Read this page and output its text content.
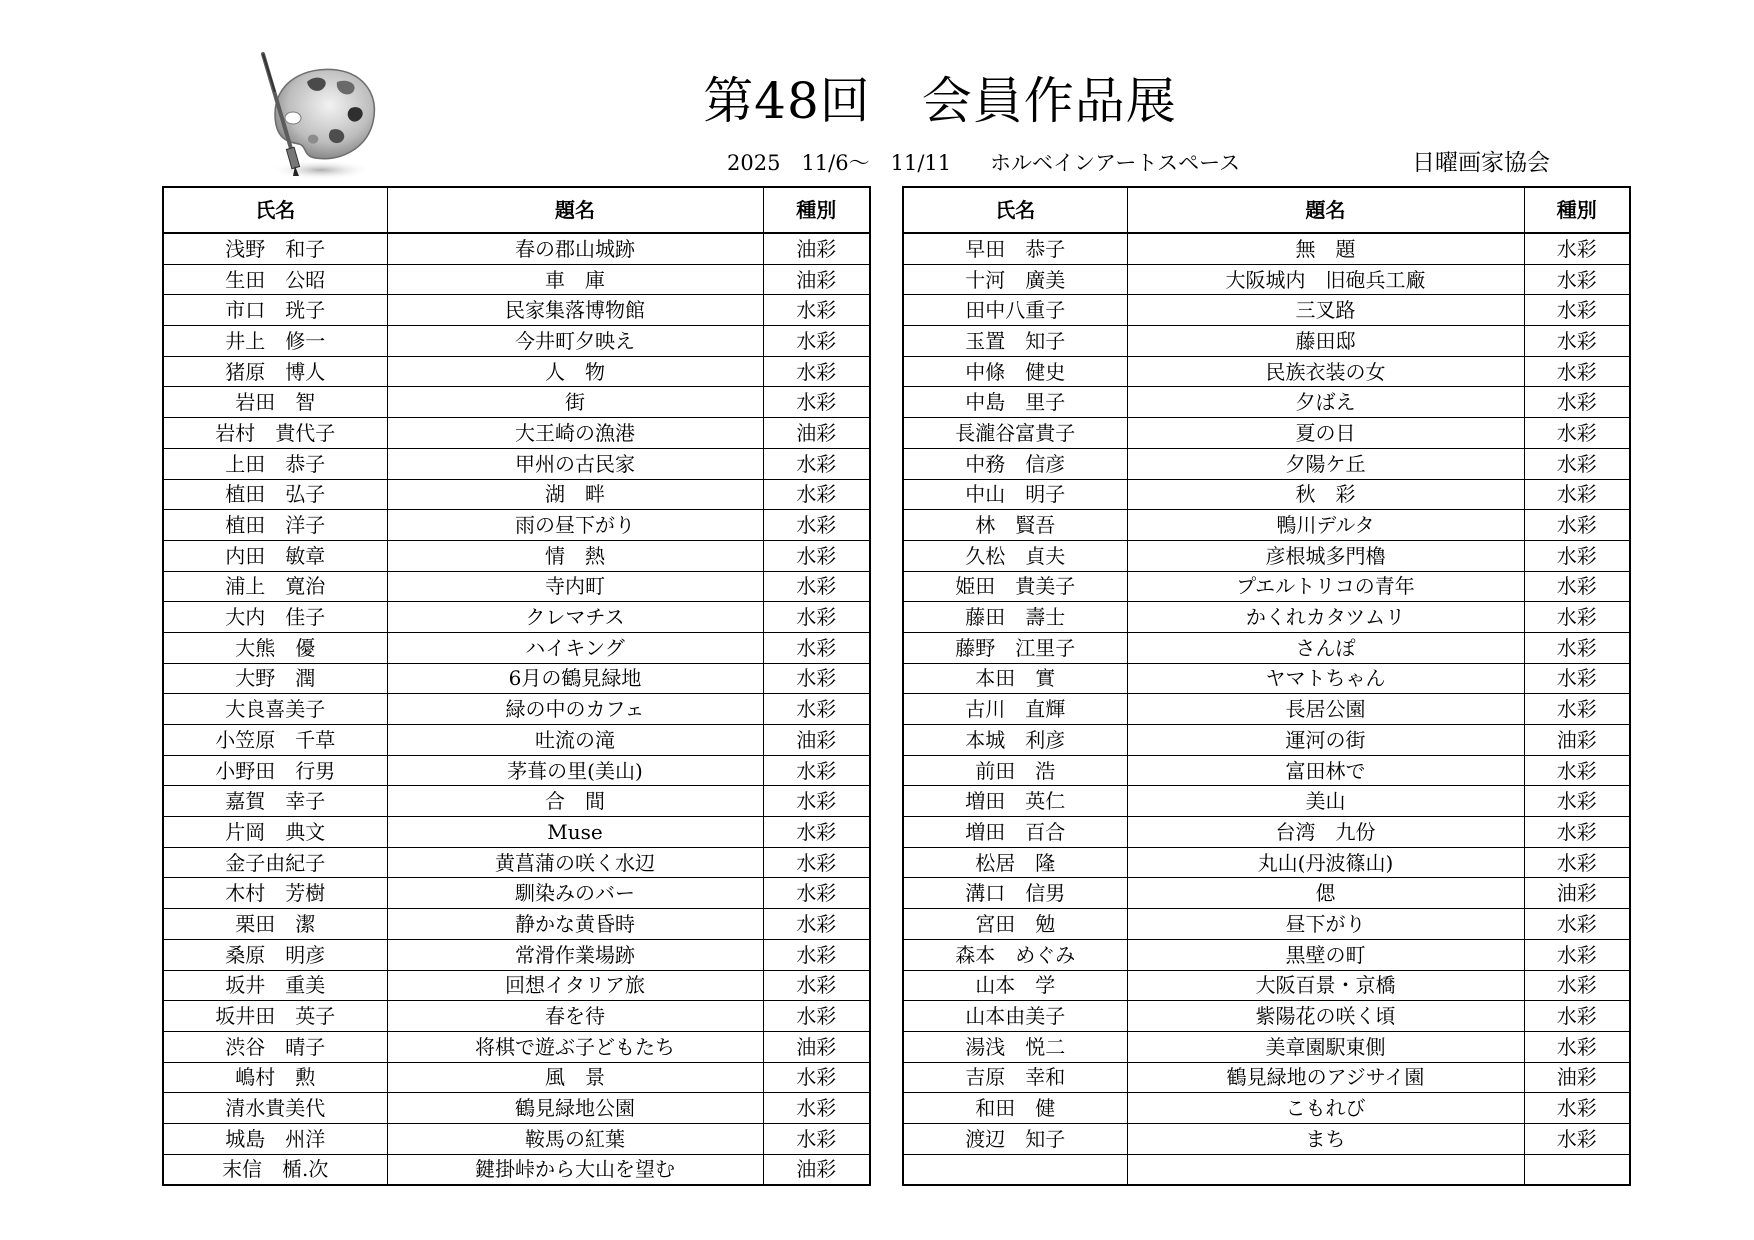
第48回　会員作品展
2025　11/6～　11/11 ホルベインアートスペース	日曜画家協会
氏名	題名	種別
浅野　和子	春の郡山城跡	油彩
生田　公昭	車　庫	油彩
市口　珖子	民家集落博物館	水彩
井上　修一	今井町夕映え	水彩
猪原　博人	人　物	水彩
岩田　智	街	水彩
岩村　貴代子	大王崎の漁港	油彩
上田　恭子	甲州の古民家	水彩
植田　弘子	湖　畔	水彩
植田　洋子	雨の昼下がり	水彩
内田　敏章	情　熱	水彩
浦上　寛治	寺内町	水彩
大内　佳子	クレマチス	水彩
大熊　優	ハイキング	水彩
大野　潤	6月の鶴見緑地	水彩
大良喜美子	緑の中のカフェ	水彩
小笠原　千草	吐流の滝	油彩
小野田　行男	茅葺の里(美山)	水彩
嘉賀　幸子	合　間	水彩
片岡　典文	Muse	水彩
金子由紀子	黄菖蒲の咲く水辺	水彩
木村　芳樹	馴染みのバー	水彩
栗田　潔	静かな黄昏時	水彩
桑原　明彦	常滑作業場跡	水彩
坂井　重美	回想イタリア旅	水彩
坂井田　英子	春を待	水彩
渋谷　晴子	将棋で遊ぶ子どもたち	油彩
嶋村　勲	風　景	水彩
清水貴美代	鶴見緑地公園	水彩
城島　州洋	鞍馬の紅葉	水彩
末信　楯.次	鍵掛峠から大山を望む	油彩
氏名	題名	種別
早田　恭子	無　題	水彩
十河　廣美	大阪城内　旧砲兵工廠	水彩
田中八重子	三叉路	水彩
玉置　知子	藤田邸	水彩
中條　健史	民族衣装の女	水彩
中島　里子	夕ばえ	水彩
長瀧谷富貴子	夏の日	水彩
中務　信彦	夕陽ケ丘	水彩
中山　明子	秋　彩	水彩
林　賢吾	鴨川デルタ	水彩
久松　貞夫	彦根城多門櫓	水彩
姫田　貴美子	プエルトリコの青年	水彩
藤田　壽士	かくれカタツムリ	水彩
藤野　江里子	さんぽ	水彩
本田　實	ヤマトちゃん	水彩
古川　直輝	長居公園	水彩
本城　利彦	運河の街	油彩
前田　浩	富田林で	水彩
増田　英仁	美山	水彩
増田　百合	台湾　九份	水彩
松居　隆	丸山(丹波篠山)	水彩
溝口　信男	偲	油彩
宮田　勉	昼下がり	水彩
森本　めぐみ	黒壁の町	水彩
山本　学	大阪百景・京橋	水彩
山本由美子	紫陽花の咲く頃	水彩
湯浅　悦二	美章園駅東側	水彩
吉原　幸和	鶴見緑地のアジサイ園	油彩
和田　健	こもれび	水彩
渡辺　知子	まち	水彩
